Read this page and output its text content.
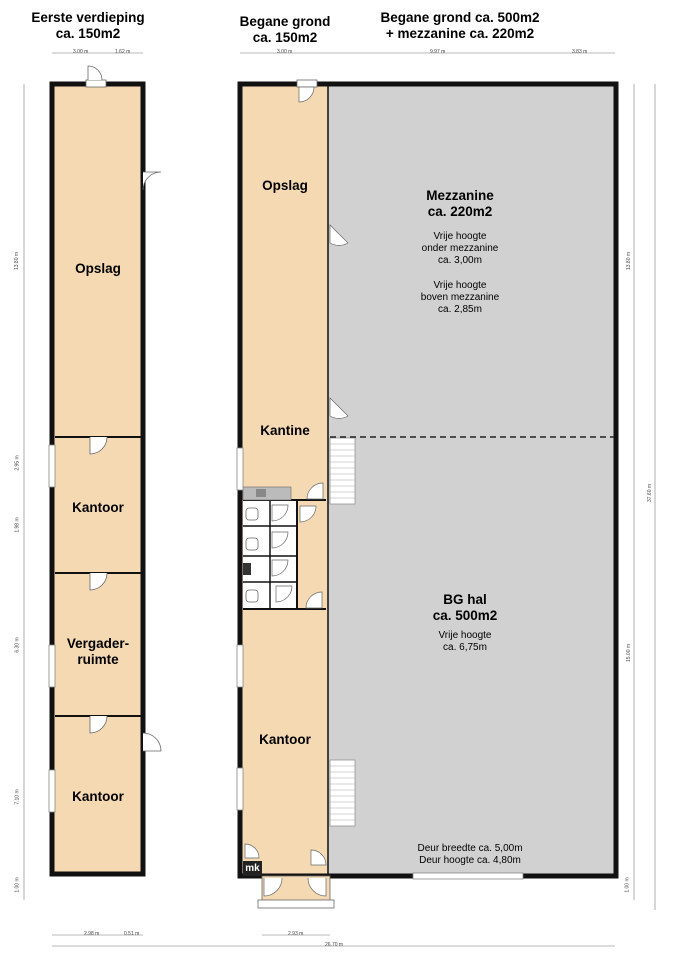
Eerste verdieping
ca. 150m2
Begane grond
ca. 150m2
Begane grond ca. 500m2
+ mezzanine ca. 220m2
Opslag
Kantoor
Vergader-
ruimte
Kantoor
Opslag
Kantine
Kantoor
mk
Mezzanine
ca. 220m2
Vrije hoogte
onder mezzanine
ca. 3,00m
Vrije hoogte
boven mezzanine
ca. 2,85m
BG hal
ca. 500m2
Vrije hoogte
ca. 6,75m
Deur breedte ca. 5,00m
Deur hoogte ca. 4,80m
3.00 m	1.62 m	3.00 m	9.97 m	3.83 m
2.98 m	0.51 m	2.93 m
26.70 m
13.80 m
2.95 m
1.98 m
6.30 m
7.10 m
1.00 m
13.80 m
37.60 m
15.00 m
1.00 m
